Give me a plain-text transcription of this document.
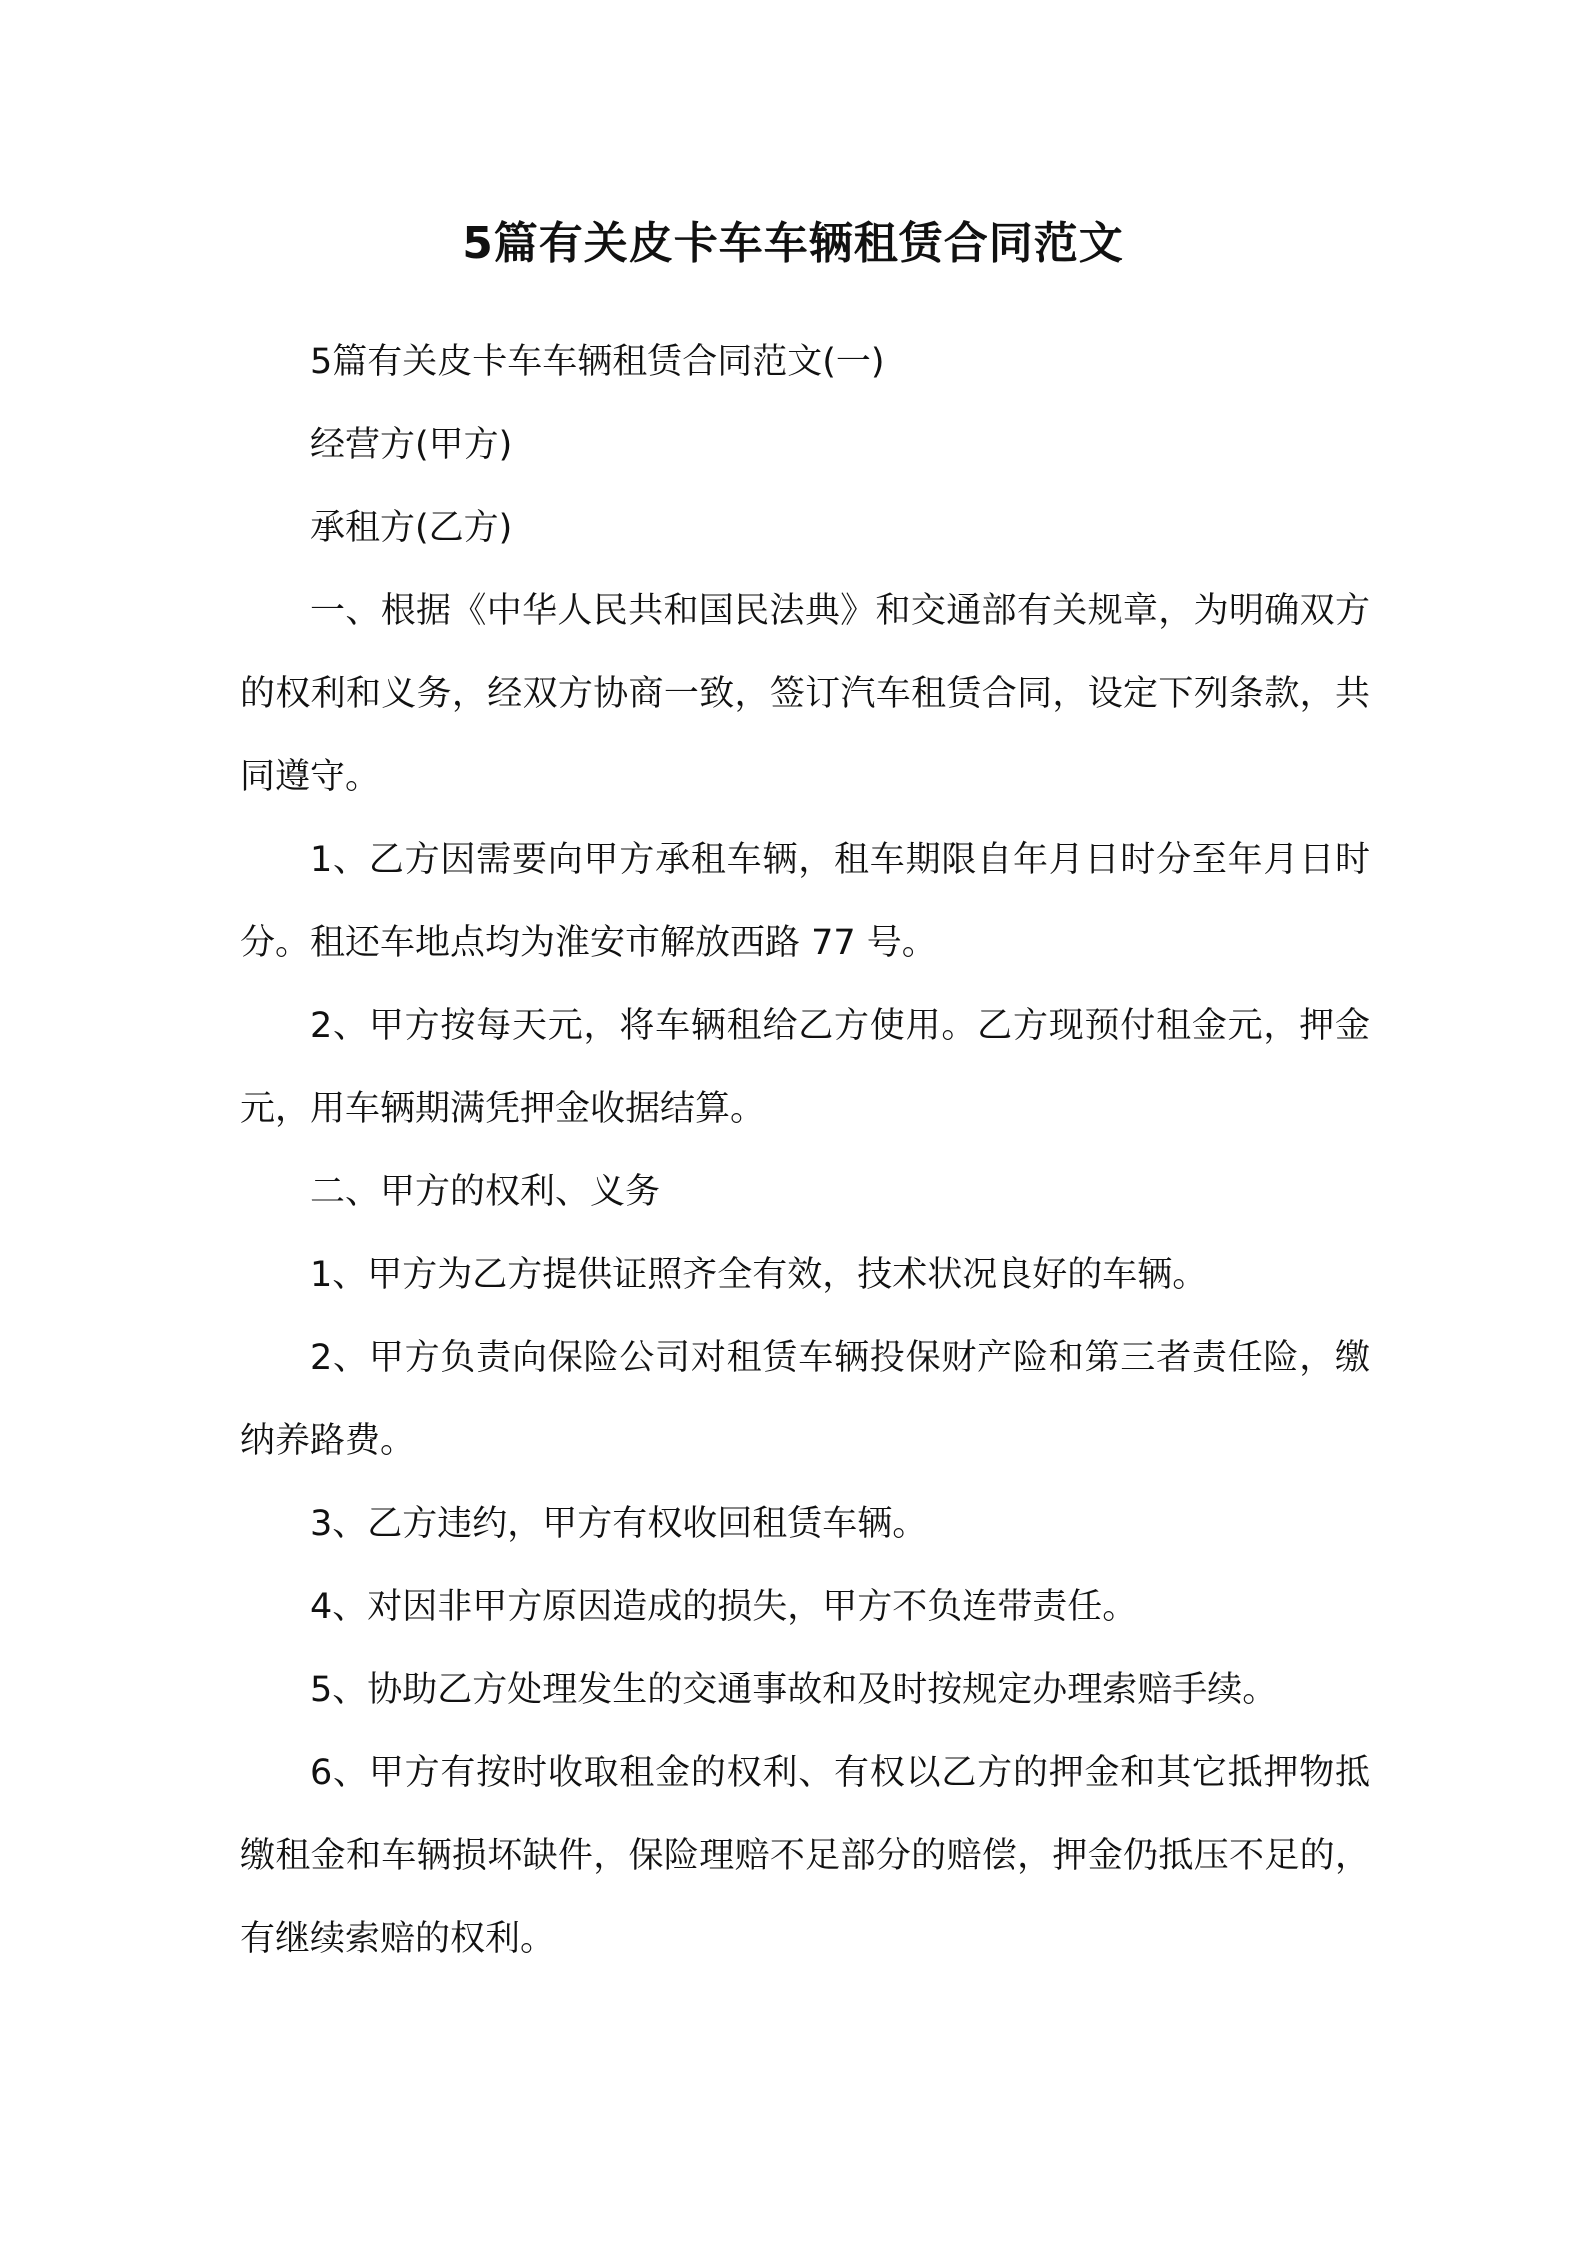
5篇有关皮卡车车辆租赁合同范文

5篇有关皮卡车车辆租赁合同范文(一)

经营方(甲方)

承租方(乙方)

一、根据《中华人民共和国民法典》和交通部有关规章，为明确双方的权利和义务，经双方协商一致，签订汽车租赁合同，设定下列条款，共同遵守。

1、乙方因需要向甲方承租车辆，租车期限自年月日时分至年月日时分。租还车地点均为淮安市解放西路 77 号。

2、甲方按每天元，将车辆租给乙方使用。乙方现预付租金元，押金元，用车辆期满凭押金收据结算。

二、甲方的权利、义务

1、甲方为乙方提供证照齐全有效，技术状况良好的车辆。

2、甲方负责向保险公司对租赁车辆投保财产险和第三者责任险，缴纳养路费。

3、乙方违约，甲方有权收回租赁车辆。

4、对因非甲方原因造成的损失，甲方不负连带责任。

5、协助乙方处理发生的交通事故和及时按规定办理索赔手续。

6、甲方有按时收取租金的权利、有权以乙方的押金和其它抵押物抵缴租金和车辆损坏缺件，保险理赔不足部分的赔偿，押金仍抵压不足的，有继续索赔的权利。
